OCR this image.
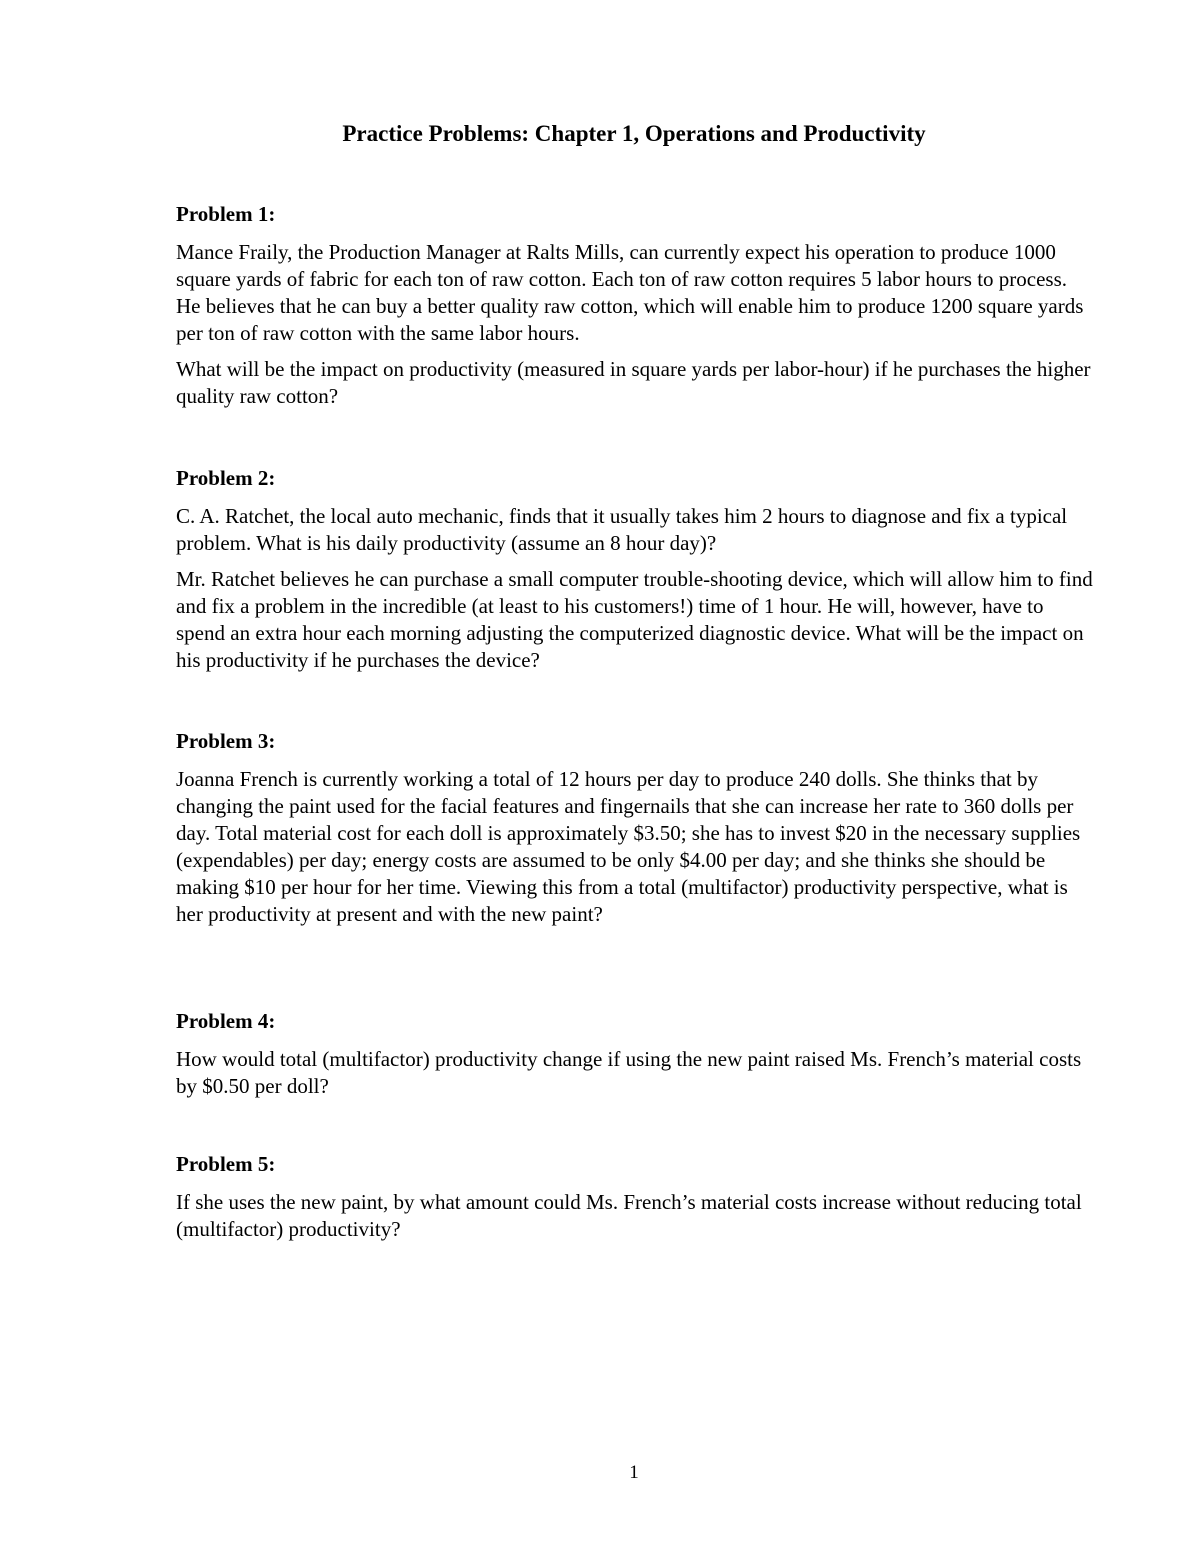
Practice Problems: Chapter 1, Operations and Productivity
Problem 1:

Mance Fraily, the Production Manager at Ralts Mills, can currently expect his operation to produce 1000 square yards of fabric for each ton of raw cotton. Each ton of raw cotton requires 5 labor hours to process. He believes that he can buy a better quality raw cotton, which will enable him to produce 1200 square yards per ton of raw cotton with the same labor hours.

What will be the impact on productivity (measured in square yards per labor-hour) if he purchases the higher quality raw cotton?

Problem 2:

C. A. Ratchet, the local auto mechanic, finds that it usually takes him 2 hours to diagnose and fix a typical problem. What is his daily productivity (assume an 8 hour day)?

Mr. Ratchet believes he can purchase a small computer trouble-shooting device, which will allow him to find and fix a problem in the incredible (at least to his customers!) time of 1 hour. He will, however, have to spend an extra hour each morning adjusting the computerized diagnostic device. What will be the impact on his productivity if he purchases the device?

Problem 3:

Joanna French is currently working a total of 12 hours per day to produce 240 dolls. She thinks that by changing the paint used for the facial features and fingernails that she can increase her rate to 360 dolls per day. Total material cost for each doll is approximately $3.50; she has to invest $20 in the necessary supplies (expendables) per day; energy costs are assumed to be only $4.00 per day; and she thinks she should be making $10 per hour for her time. Viewing this from a total (multifactor) productivity perspective, what is her productivity at present and with the new paint?

Problem 4:

How would total (multifactor) productivity change if using the new paint raised Ms. French’s material costs by $0.50 per doll?

Problem 5:

If she uses the new paint, by what amount could Ms. French’s material costs increase without reducing total (multifactor) productivity?

1
